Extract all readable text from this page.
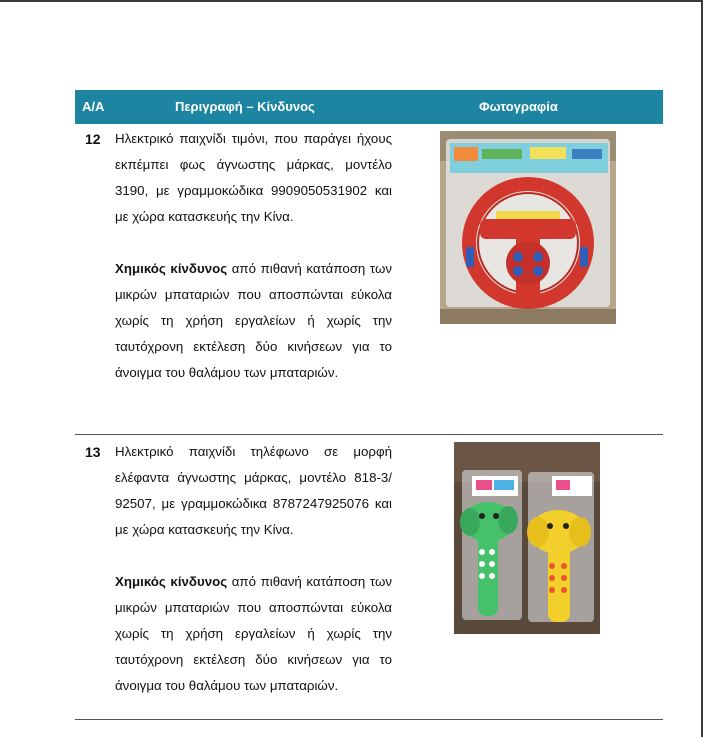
Α/Α	Περιγραφή – Κίνδυνος	Φωτογραφία
12 Ηλεκτρικό παιχνίδι τιμόνι, που παράγει ήχους εκπέμπει φως άγνωστης μάρκας, μοντέλο 3190, με γραμμοκώδικα 9909050531902 και με χώρα κατασκευής την Κίνα.

Χημικός κίνδυνος από πιθανή κατάποση των μικρών μπαταριών που αποσπώνται εύκολα χωρίς τη χρήση εργαλείων ή χωρίς την ταυτόχρονη εκτέλεση δύο κινήσεων για το άνοιγμα του θαλάμου των μπαταριών.

13 Ηλεκτρικό παιχνίδι τηλέφωνο σε μορφή ελέφαντα άγνωστης μάρκας, μοντέλο 818-3/ 92507, με γραμμοκώδικα 8787247925076 και με χώρα κατασκευής την Κίνα.

Χημικός κίνδυνος από πιθανή κατάποση των μικρών μπαταριών που αποσπώνται εύκολα χωρίς τη χρήση εργαλείων ή χωρίς την ταυτόχρονη εκτέλεση δύο κινήσεων για το άνοιγμα του θαλάμου των μπαταριών.
